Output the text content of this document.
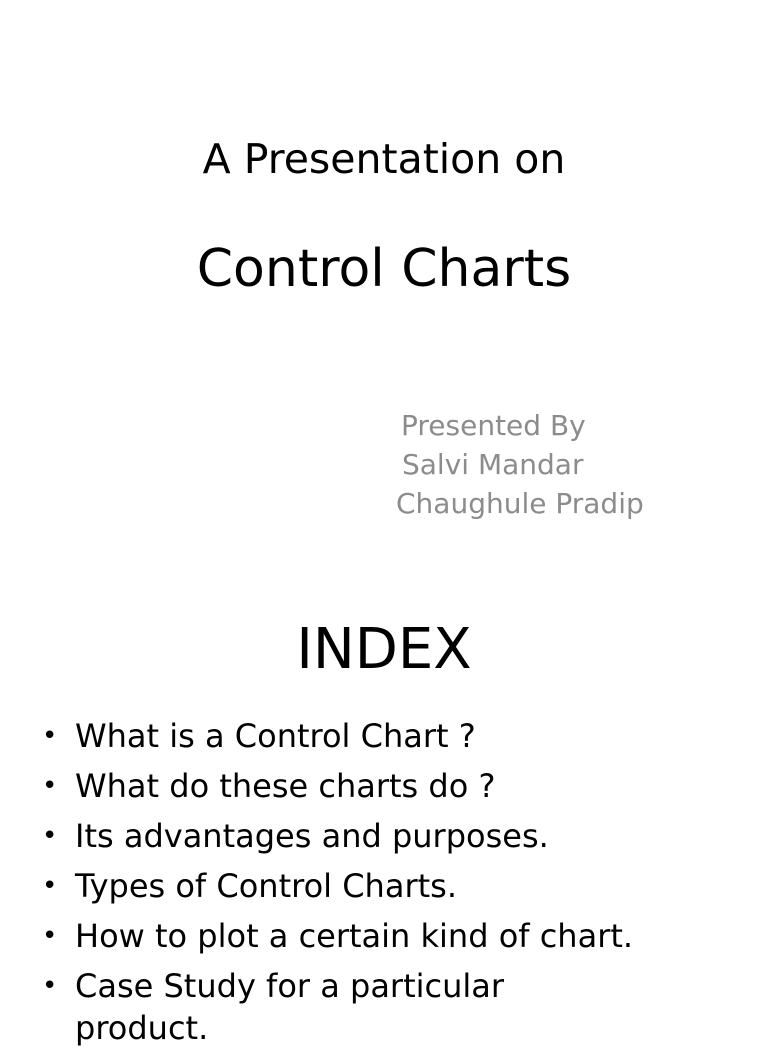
A Presentation on
Control Charts
Presented By
Salvi Mandar
Chaughule Pradip
INDEX
• What is a Control Chart ?
• What do these charts do ?
• Its advantages and purposes.
• Types of Control Charts.
• How to plot a certain kind of chart.
• Case Study for a particular product.
